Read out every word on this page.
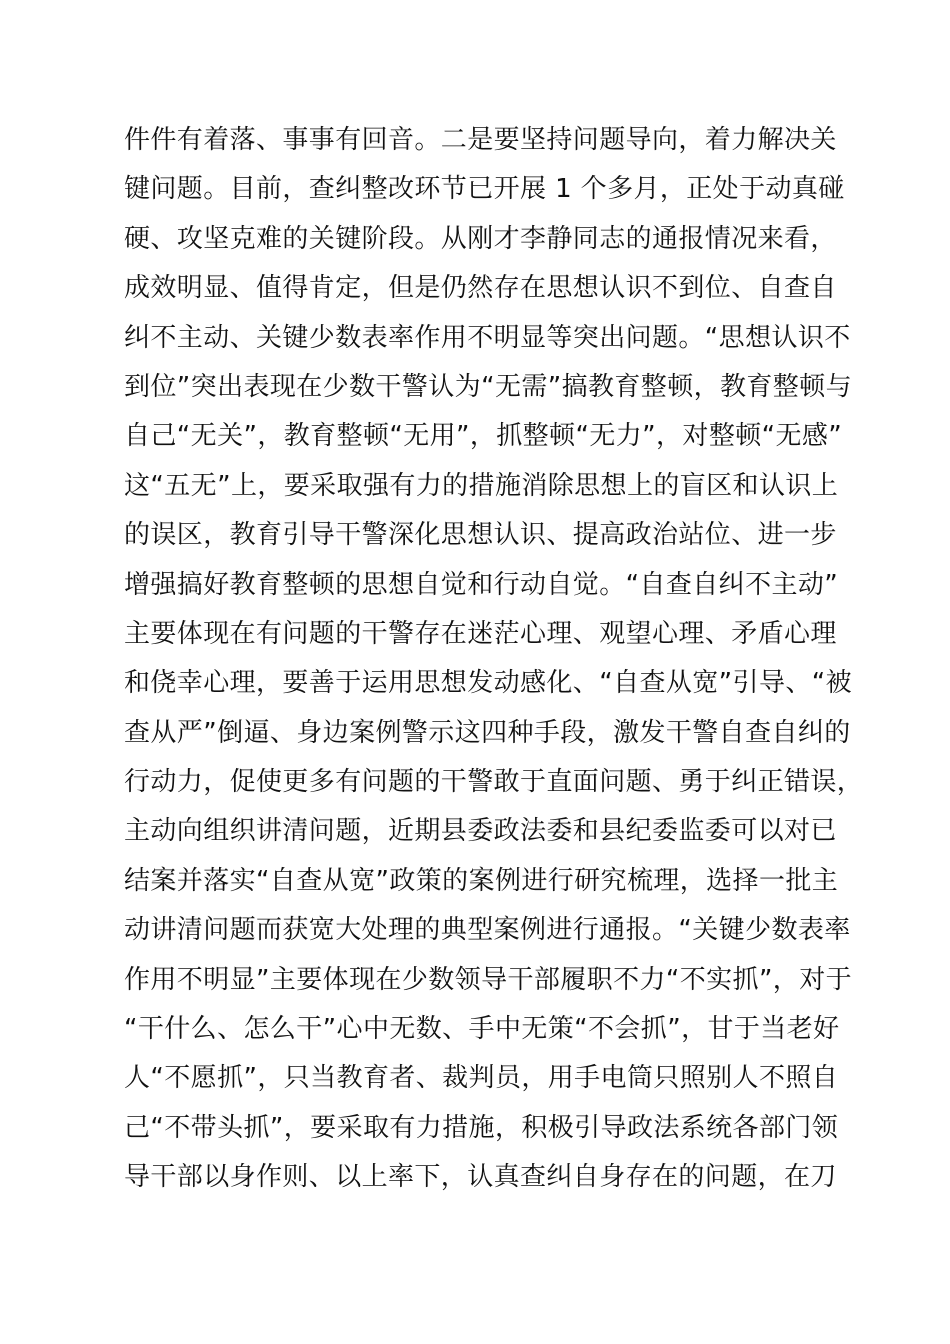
件件有着落、事事有回音。二是要坚持问题导向，着力解决关
键问题。目前，查纠整改环节已开展 1 个多月，正处于动真碰
硬、攻坚克难的关键阶段。从刚才李静同志的通报情况来看，
成效明显、值得肯定，但是仍然存在思想认识不到位、自查自
纠不主动、关键少数表率作用不明显等突出问题。“思想认识不
到位”突出表现在少数干警认为“无需”搞教育整顿，教育整顿与
自己“无关”，教育整顿“无用”，抓整顿“无力”，对整顿“无感”
这“五无”上，要采取强有力的措施消除思想上的盲区和认识上
的误区，教育引导干警深化思想认识、提高政治站位、进一步
增强搞好教育整顿的思想自觉和行动自觉。“自查自纠不主动”
主要体现在有问题的干警存在迷茫心理、观望心理、矛盾心理
和侥幸心理，要善于运用思想发动感化、“自查从宽”引导、“被
查从严”倒逼、身边案例警示这四种手段，激发干警自查自纠的
行动力，促使更多有问题的干警敢于直面问题、勇于纠正错误，
主动向组织讲清问题，近期县委政法委和县纪委监委可以对已
结案并落实“自查从宽”政策的案例进行研究梳理，选择一批主
动讲清问题而获宽大处理的典型案例进行通报。“关键少数表率
作用不明显”主要体现在少数领导干部履职不力“不实抓”，对于
“干什么、怎么干”心中无数、手中无策“不会抓”，甘于当老好
人“不愿抓”，只当教育者、裁判员，用手电筒只照别人不照自
己“不带头抓”，要采取有力措施，积极引导政法系统各部门领
导干部以身作则、以上率下，认真查纠自身存在的问题，在刀
